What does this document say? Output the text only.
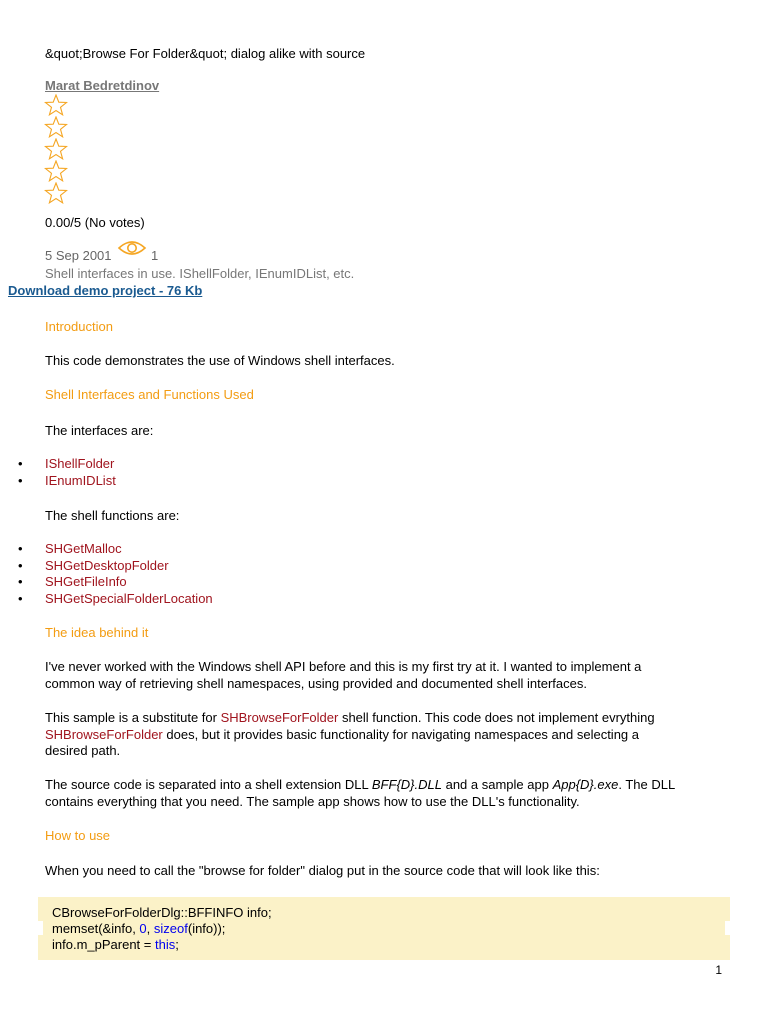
&quot;Browse For Folder&quot; dialog alike with source
Marat Bedretdinov
0.00/5 (No votes)
5 Sep 2001	1
Shell interfaces in use. IShellFolder, IEnumIDList, etc.
Download demo project - 76 Kb
Introduction
This code demonstrates the use of Windows shell interfaces.
Shell Interfaces and Functions Used
The interfaces are:
• IShellFolder
• IEnumIDList
The shell functions are:
• SHGetMalloc
• SHGetDesktopFolder
• SHGetFileInfo
• SHGetSpecialFolderLocation
The idea behind it
I've never worked with the Windows shell API before and this is my first try at it. I wanted to implement a common way of retrieving shell namespaces, using provided and documented shell interfaces.
This sample is a substitute for SHBrowseForFolder shell function. This code does not implement evrything SHBrowseForFolder does, but it provides basic functionality for navigating namespaces and selecting a desired path.
The source code is separated into a shell extension DLL BFF{D}.DLL and a sample app App{D}.exe. The DLL contains everything that you need. The sample app shows how to use the DLL's functionality.
How to use
When you need to call the "browse for folder" dialog put in the source code that will look like this:
CBrowseForFolderDlg::BFFINFO info;
memset(&info, 0, sizeof(info));
info.m_pParent = this;
1
